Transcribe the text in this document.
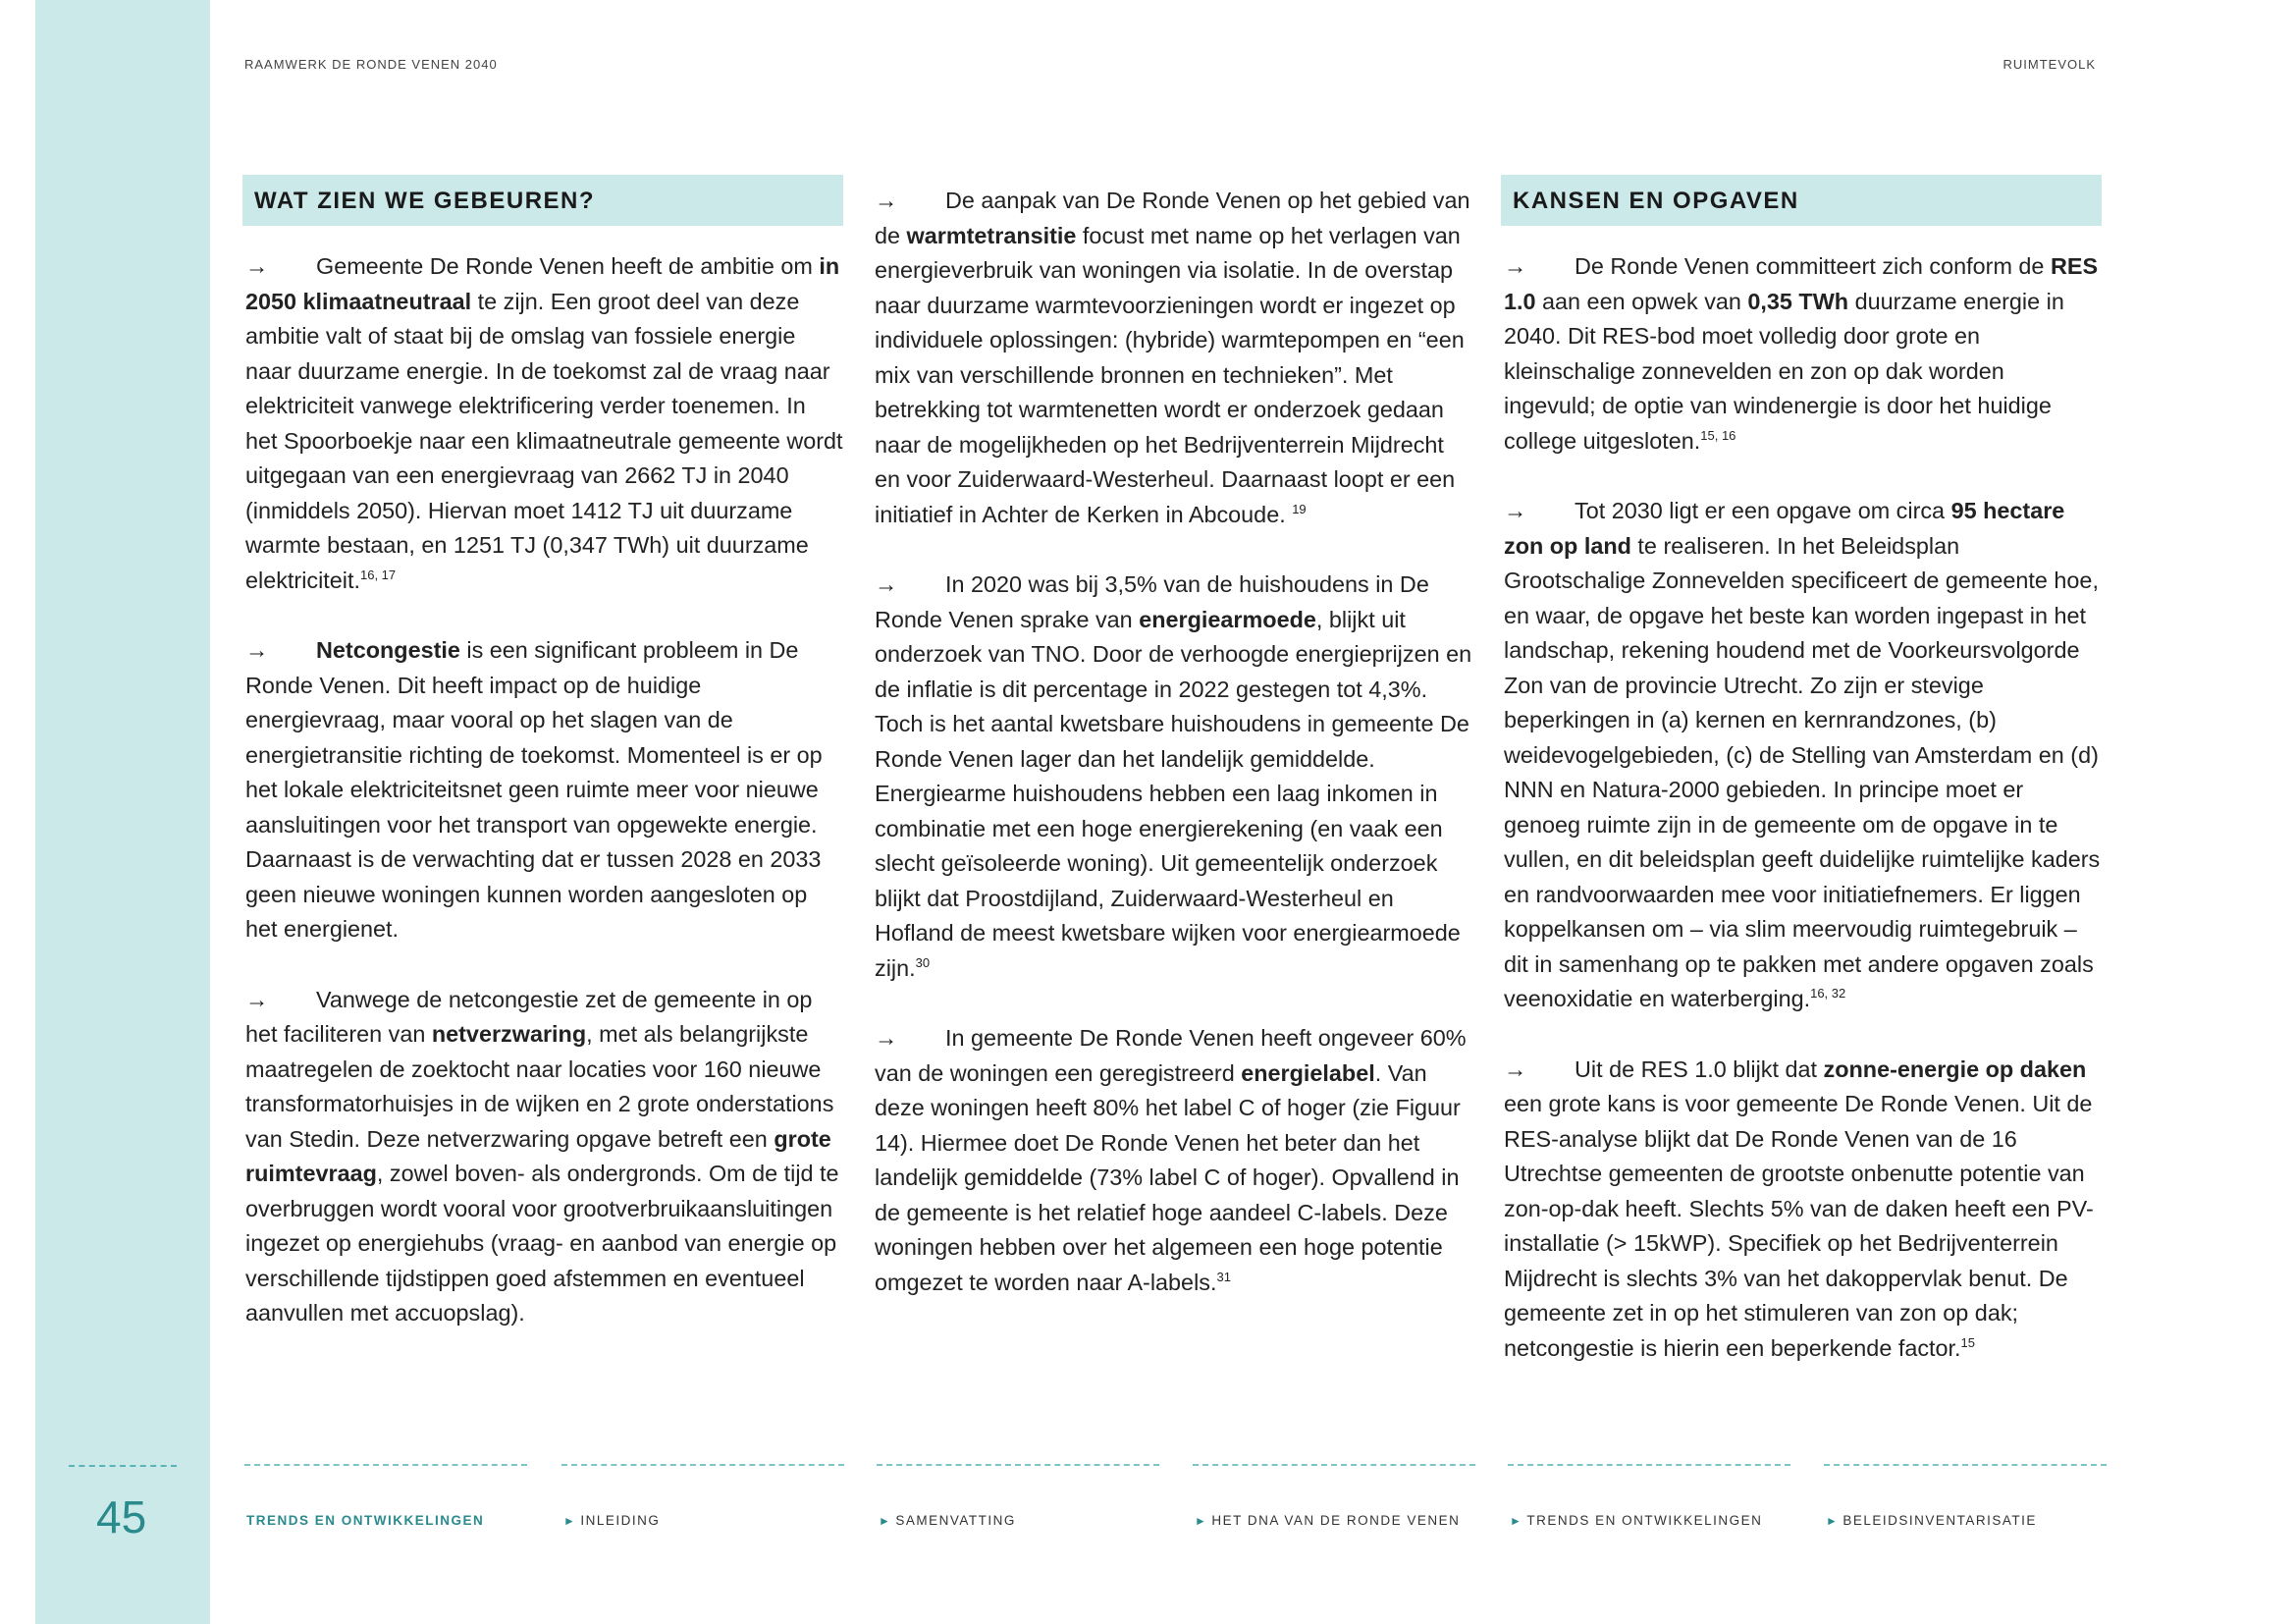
45
RAAMWERK DE RONDE VENEN 2040	RUIMTEVOLK
WAT ZIEN WE GEBEUREN?

→ Gemeente De Ronde Venen heeft de ambitie om in 2050 klimaatneutraal te zijn. Een groot deel van deze ambitie valt of staat bij de omslag van fossiele energie naar duurzame energie. In de toekomst zal de vraag naar elektriciteit vanwege elektrificering verder toenemen. In het Spoorboekje naar een klimaatneutrale gemeente wordt uitgegaan van een energievraag van 2662 TJ in 2040 (inmiddels 2050). Hiervan moet 1412 TJ uit duurzame warmte bestaan, en 1251 TJ (0,347 TWh) uit duurzame elektriciteit.$^{16, 17}$

→ Netcongestie is een significant probleem in De Ronde Venen. Dit heeft impact op de huidige energievraag, maar vooral op het slagen van de energietransitie richting de toekomst. Momenteel is er op het lokale elektriciteitsnet geen ruimte meer voor nieuwe aansluitingen voor het transport van opgewekte energie. Daarnaast is de verwachting dat er tussen 2028 en 2033 geen nieuwe woningen kunnen worden aangesloten op het energienet.

→ Vanwege de netcongestie zet de gemeente in op het faciliteren van netverzwaring, met als belangrijkste maatregelen de zoektocht naar locaties voor 160 nieuwe transformatorhuisjes in de wijken en 2 grote onderstations van Stedin. Deze netverzwaring opgave betreft een grote ruimtevraag, zowel boven- als ondergronds. Om de tijd te overbruggen wordt vooral voor grootverbruikaansluitingen ingezet op energiehubs (vraag- en aanbod van energie op verschillende tijdstippen goed afstemmen en eventueel aanvullen met accuopslag).

→ De aanpak van De Ronde Venen op het gebied van de warmtetransitie focust met name op het verlagen van energieverbruik van woningen via isolatie. In de overstap naar duurzame warmtevoorzieningen wordt er ingezet op individuele oplossingen: (hybride) warmtepompen en “een mix van verschillende bronnen en technieken”. Met betrekking tot warmtenetten wordt er onderzoek gedaan naar de mogelijkheden op het Bedrijventerrein Mijdrecht en voor Zuiderwaard-Westerheul. Daarnaast loopt er een initiatief in Achter de Kerken in Abcoude. $^{19}$

→ In 2020 was bij 3,5% van de huishoudens in De Ronde Venen sprake van energiearmoede, blijkt uit onderzoek van TNO. Door de verhoogde energieprijzen en de inflatie is dit percentage in 2022 gestegen tot 4,3%. Toch is het aantal kwetsbare huishoudens in gemeente De Ronde Venen lager dan het landelijk gemiddelde. Energiearme huishoudens hebben een laag inkomen in combinatie met een hoge energierekening (en vaak een slecht geïsoleerde woning). Uit gemeentelijk onderzoek blijkt dat Proostdijland, Zuiderwaard-Westerheul en Hofland de meest kwetsbare wijken voor energiearmoede zijn.$^{30}$

→ In gemeente De Ronde Venen heeft ongeveer 60% van de woningen een geregistreerd energielabel. Van deze woningen heeft 80% het label C of hoger (zie Figuur 14). Hiermee doet De Ronde Venen het beter dan het landelijk gemiddelde (73% label C of hoger). Opvallend in de gemeente is het relatief hoge aandeel C-labels. Deze woningen hebben over het algemeen een hoge potentie omgezet te worden naar A-labels.$^{31}$

KANSEN EN OPGAVEN

→ De Ronde Venen committeert zich conform de RES 1.0 aan een opwek van 0,35 TWh duurzame energie in 2040. Dit RES-bod moet volledig door grote en kleinschalige zonnevelden en zon op dak worden ingevuld; de optie van windenergie is door het huidige college uitgesloten.$^{15, 16}$

→ Tot 2030 ligt er een opgave om circa 95 hectare zon op land te realiseren. In het Beleidsplan Grootschalige Zonnevelden specificeert de gemeente hoe, en waar, de opgave het beste kan worden ingepast in het landschap, rekening houdend met de Voorkeursvolgorde Zon van de provincie Utrecht. Zo zijn er stevige beperkingen in (a) kernen en kernrandzones, (b) weidevogelgebieden, (c) de Stelling van Amsterdam en (d) NNN en Natura-2000 gebieden. In principe moet er genoeg ruimte zijn in de gemeente om de opgave in te vullen, en dit beleidsplan geeft duidelijke ruimtelijke kaders en randvoorwaarden mee voor initiatiefnemers. Er liggen koppelkansen om – via slim meervoudig ruimtegebruik – dit in samenhang op te pakken met andere opgaven zoals veenoxidatie en waterberging.$^{16, 32}$

→ Uit de RES 1.0 blijkt dat zonne-energie op daken een grote kans is voor gemeente De Ronde Venen. Uit de RES-analyse blijkt dat De Ronde Venen van de 16 Utrechtse gemeenten de grootste onbenutte potentie van zon-op-dak heeft. Slechts 5% van de daken heeft een PV-installatie (> 15kWP). Specifiek op het Bedrijventerrein Mijdrecht is slechts 3% van het dakoppervlak benut. De gemeente zet in op het stimuleren van zon op dak; netcongestie is hierin een beperkende factor.$^{15}$

TRENDS EN ONTWIKKELINGEN	► INLEIDING	► SAMENVATTING	► HET DNA VAN DE RONDE VENEN	► TRENDS EN ONTWIKKELINGEN	► BELEIDSINVENTARISATIE
